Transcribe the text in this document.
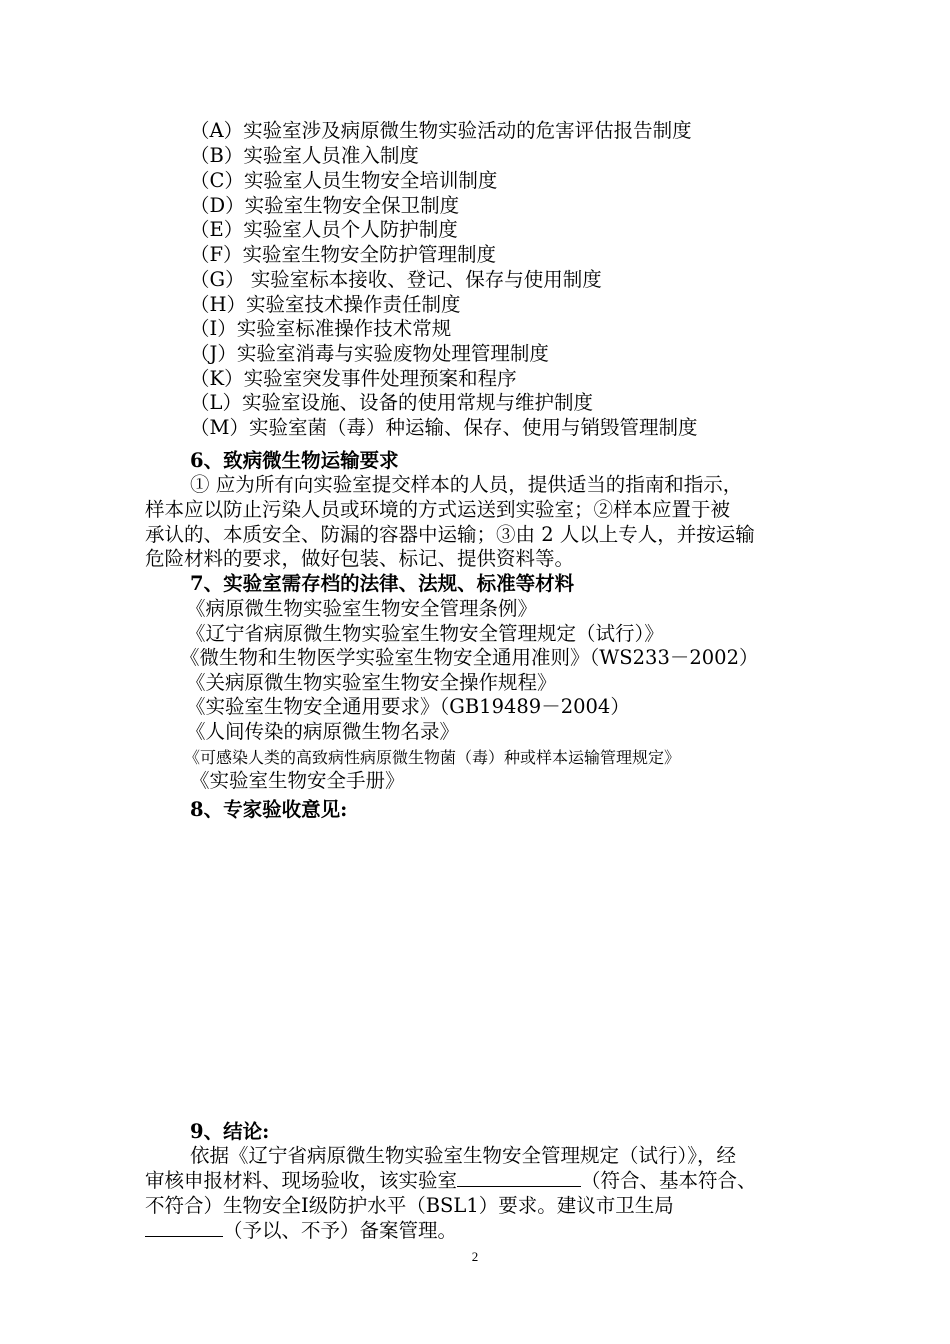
（A）实验室涉及病原微生物实验活动的危害评估报告制度
（B）实验室人员准入制度
（C）实验室人员生物安全培训制度
（D）实验室生物安全保卫制度
（E）实验室人员个人防护制度
（F）实验室生物安全防护管理制度
（G） 实验室标本接收、登记、保存与使用制度
（H）实验室技术操作责任制度
（I）实验室标准操作技术常规
（J）实验室消毒与实验废物处理管理制度
（K）实验室突发事件处理预案和程序
（L）实验室设施、设备的使用常规与维护制度
（M）实验室菌（毒）种运输、保存、使用与销毁管理制度
6、致病微生物运输要求
① 应为所有向实验室提交样本的人员，提供适当的指南和指示，
样本应以防止污染人员或环境的方式运送到实验室；②样本应置于被
承认的、本质安全、防漏的容器中运输；③由 2 人以上专人，并按运输
危险材料的要求，做好包装、标记、提供资料等。
7、实验室需存档的法律、法规、标准等材料
《病原微生物实验室生物安全管理条例》
《辽宁省病原微生物实验室生物安全管理规定（试行）》
《微生物和生物医学实验室生物安全通用准则》（WS233－2002）
《关病原微生物实验室生物安全操作规程》
《实验室生物安全通用要求》（GB19489－2004）
《人间传染的病原微生物名录》
《可感染人类的高致病性病原微生物菌（毒）种或样本运输管理规定》
《实验室生物安全手册》
8、专家验收意见:
9、结论:
依据《辽宁省病原微生物实验室生物安全管理规定（试行）》，经
审核申报材料、现场验收，该实验室	（符合、基本符合、
不符合）生物安全Ⅰ级防护水平（BSL1）要求。建议市卫生局
（予以、不予）备案管理。
2
